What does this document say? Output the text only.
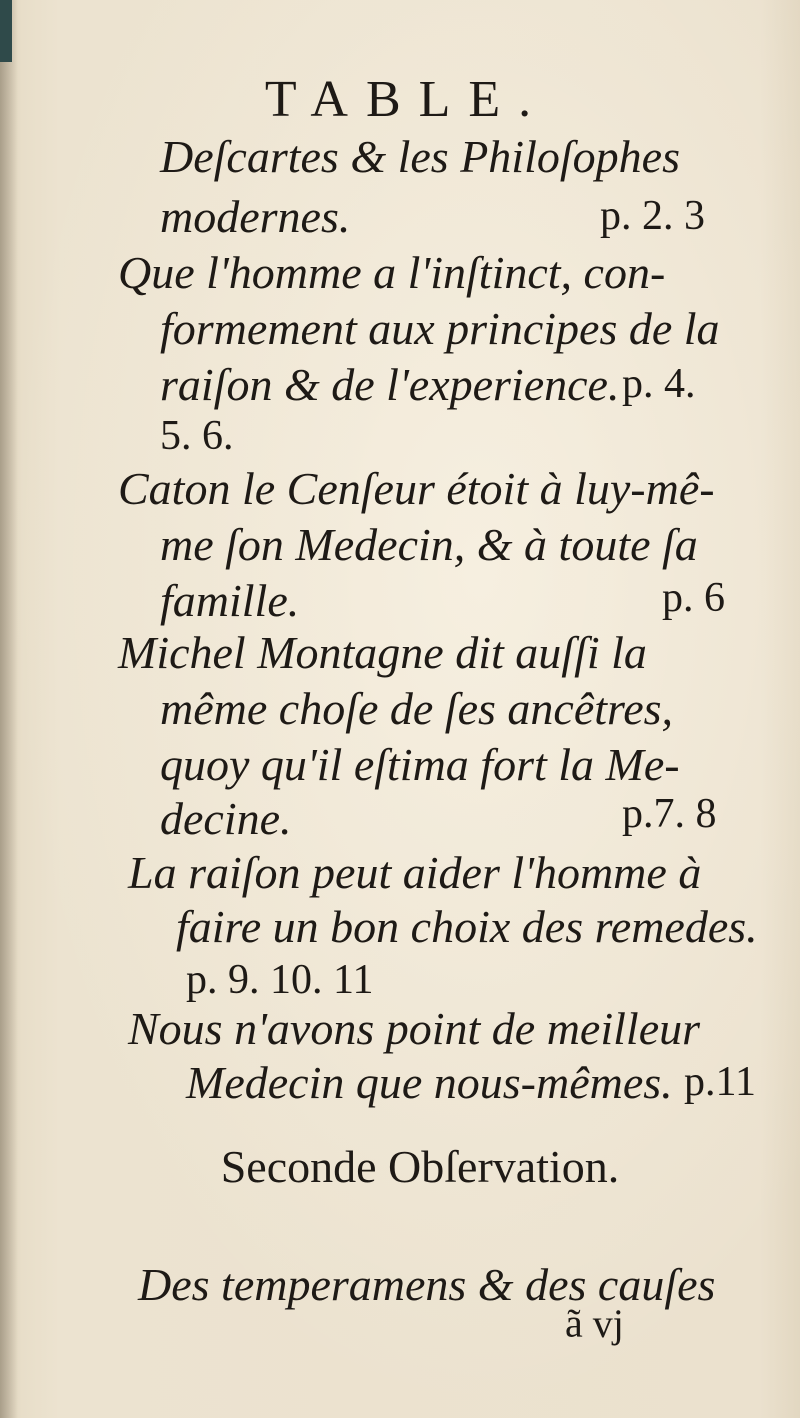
TABLE.
Deſcartes & les Philoſophes
modernes.	p. 2. 3
Que l'homme a l'inſtinct, con-
formement aux principes de la
raiſon & de l'experience. p. 4.
5. 6.
Caton le Cenſeur étoit à luy-mê-
me ſon Medecin, & à toute ſa
famille.	p. 6
Michel Montagne dit auſſi la
même choſe de ſes ancêtres,
quoy qu'il eſtima fort la Me-
decine.	p.7. 8
La raiſon peut aider l'homme à
faire un bon choix des remedes.
p. 9. 10. 11
Nous n'avons point de meilleur
Medecin que nous-mêmes. p.11
Seconde Obſervation.
Des temperamens & des cauſes
ã vj
